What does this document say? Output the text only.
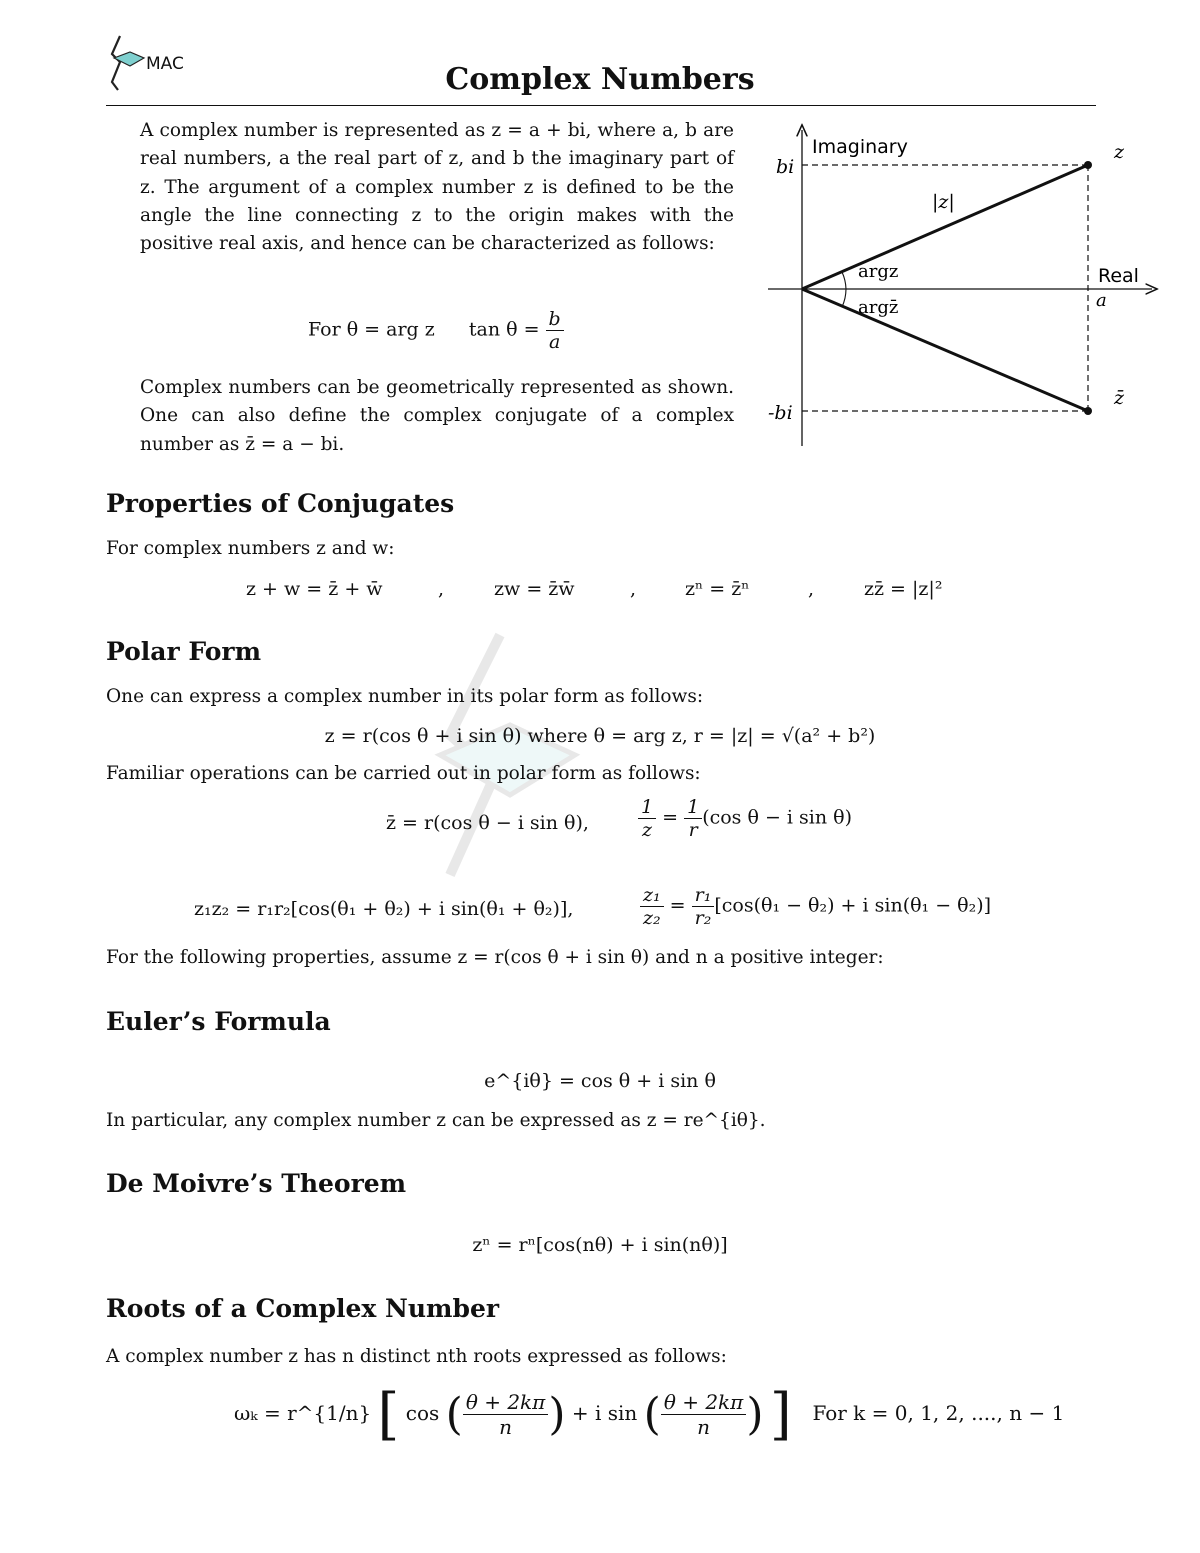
MAC	Complex Numbers
A complex number is represented as z = a + bi, where a, b are real numbers, a the real part of z, and b the imaginary part of z. The argument of a complex number z is defined to be the angle the line connecting z to the origin makes with the positive real axis, and hence can be characterized as follows:
For θ = arg z $\tan \theta = \frac{b}{a}$
Complex numbers can be geometrically represented as shown. One can also define the complex conjugate of a complex number as z̄ = a − bi.
Imaginary
Real
bi
-bi
a
z
z̄
|z|
argz
argz̄
Properties of Conjugates
For complex numbers z and w:
z + w = z̄ + w̄	,	zw = z̄w̄	,	zⁿ = z̄ⁿ	,	zz̄ = |z|²
Polar Form
One can express a complex number in its polar form as follows:
z = r(cos θ + i sin θ) where θ = arg z, r = |z| = √(a² + b²)
Familiar operations can be carried out in polar form as follows:
z̄ = r(cos θ − i sin θ),	$\frac{1}{z} = \frac{1}{r} (\cos$ θ − i sin θ)
z₁z₂ = r₁r₂[cos(θ₁ + θ₂) + i sin(θ₁ + θ₂)],	$\frac{\text{z₁}}{\text{z₂}} = \frac{\text{r₁}}{\text{r₂}} [\cos(\theta_1 - \theta_2) + i$ sin(θ₁ − θ₂)]
For the following properties, assume z = r(cos θ + i sin θ) and n a positive integer:
Euler’s Formula
e^{iθ} = cos θ + i sin θ
In particular, any complex number z can be expressed as z = re^{iθ}.
De Moivre’s Theorem
zⁿ = rⁿ[cos(nθ) + i sin(nθ)]
Roots of a Complex Number
A complex number z has n distinct nth roots expressed as follows:
ωₖ = r^{1/n} [ cos ( $\frac{\theta + 2k\pi}{n}$ ) + i sin ( $\frac{\theta + 2k\pi}{n}$ ) ] For k = 0, 1, 2, ...., n − 1
